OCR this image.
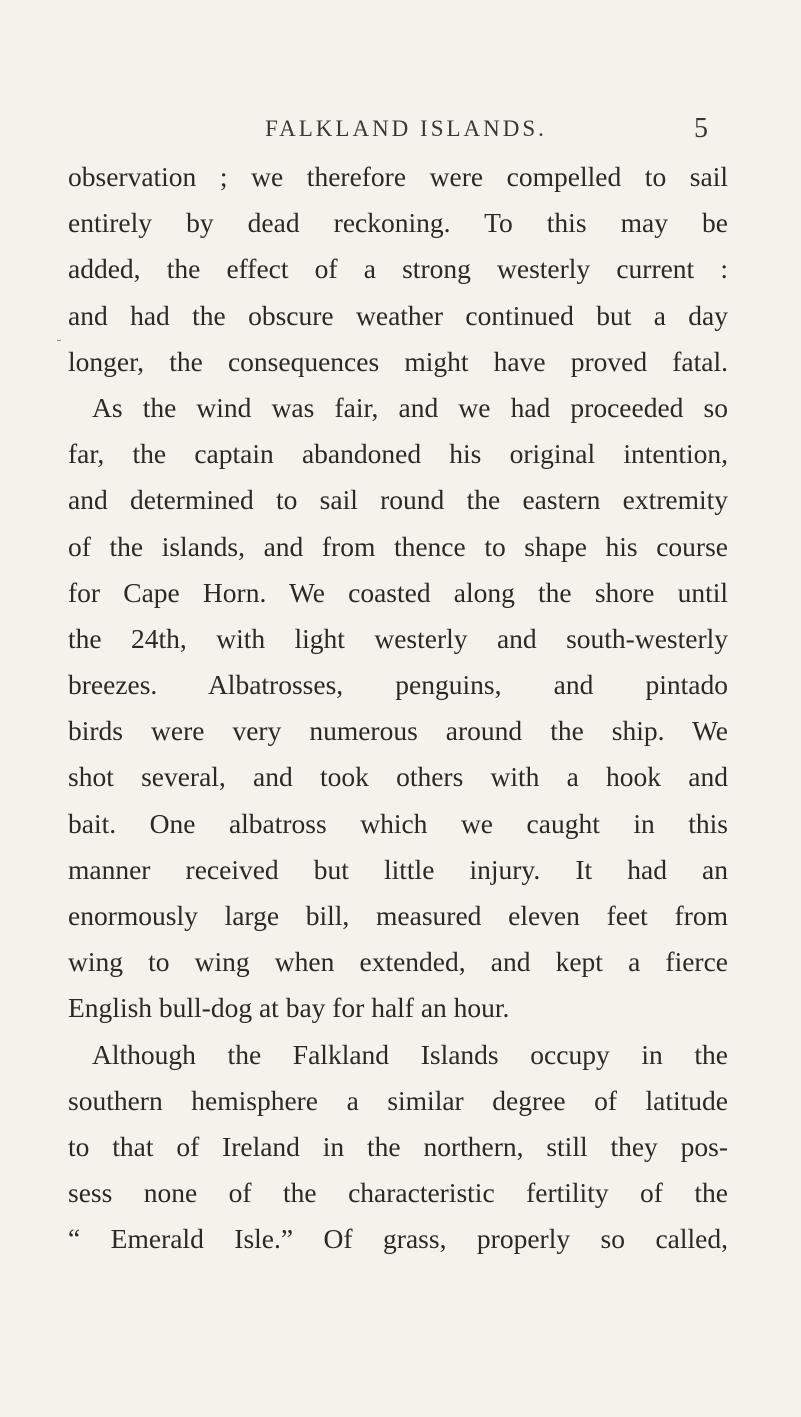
FALKLAND ISLANDS.	5
observation ; we therefore were compelled to sail
entirely by dead reckoning. To this may be
added, the effect of a strong westerly current :
and had the obscure weather continued but a day
longer, the consequences might have proved fatal.
As the wind was fair, and we had proceeded so
far, the captain abandoned his original intention,
and determined to sail round the eastern extremity
of the islands, and from thence to shape his course
for Cape Horn. We coasted along the shore until
the 24th, with light westerly and south-westerly
breezes. Albatrosses, penguins, and pintado
birds were very numerous around the ship. We
shot several, and took others with a hook and
bait. One albatross which we caught in this
manner received but little injury. It had an
enormously large bill, measured eleven feet from
wing to wing when extended, and kept a fierce
English bull-dog at bay for half an hour.
Although the Falkland Islands occupy in the
southern hemisphere a similar degree of latitude
to that of Ireland in the northern, still they pos-
sess none of the characteristic fertility of the
“ Emerald Isle.” Of grass, properly so called,
